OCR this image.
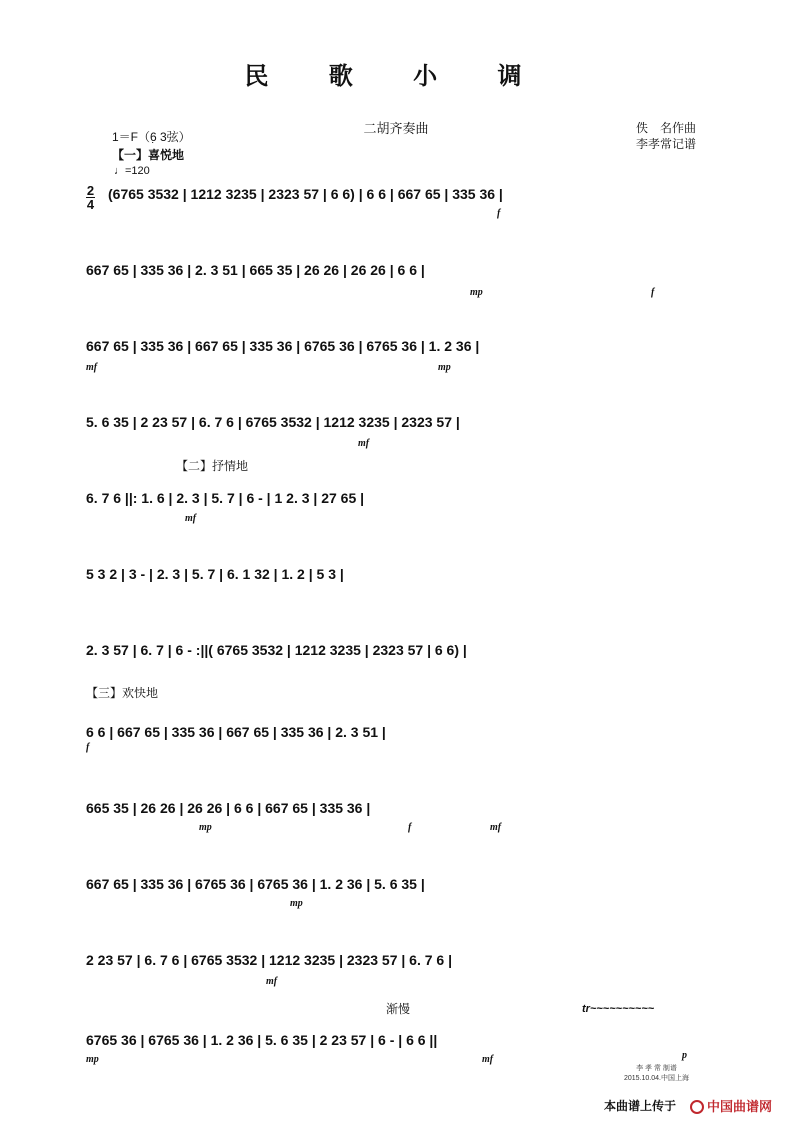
民 歌 小 调
二胡齐奏曲	佚　名作曲
李孝常记谱
1＝F（6̣ 3弦）
【一】喜悦地
♩=120
2
4
【二】抒情地
【三】欢快地
渐慢	tr~~~~~~~~~~
(6765 3532 | 1212 3235 | 2323 57 | 6 6) | 6 6 | 667 65 | 335 36 |
667 65 | 335 36 | 2. 3 51 | 665 35 | 26 26 | 26 26 | 6 6 |
667 65 | 335 36 | 667 65 | 335 36 | 6765 36 | 6765 36 | 1. 2 36 |
5. 6 35 | 2 23 57 | 6. 7 6 | 6765 3532 | 1212 3235 | 2323 57 |
6. 7 6 ||: 1. 6 | 2. 3 | 5. 7 | 6 - | 1 2. 3 | 27 65 |
5 3 2 | 3 - | 2. 3 | 5. 7 | 6. 1 32 | 1. 2 | 5 3 |
2. 3 57 | 6. 7 | 6 - :||( 6765 3532 | 1212 3235 | 2323 57 | 6 6) |
6 6 | 667 65 | 335 36 | 667 65 | 335 36 | 2. 3 51 |
665 35 | 26 26 | 26 26 | 6 6 | 667 65 | 335 36 |
667 65 | 335 36 | 6765 36 | 6765 36 | 1. 2 36 | 5. 6 35 |
2 23 57 | 6. 7 6 | 6765 3532 | 1212 3235 | 2323 57 | 6. 7 6 |
6765 36 | 6765 36 | 1. 2 36 | 5. 6 35 | 2 23 57 | 6 - | 6 6 ||
f
mp	f
mf	mp
mf
mf
f
mp	f	mf
mp
mf
mp	mf	p
李 孝 常 制谱
2015.10.04.中国上海
本曲谱上传于	中国曲谱网
